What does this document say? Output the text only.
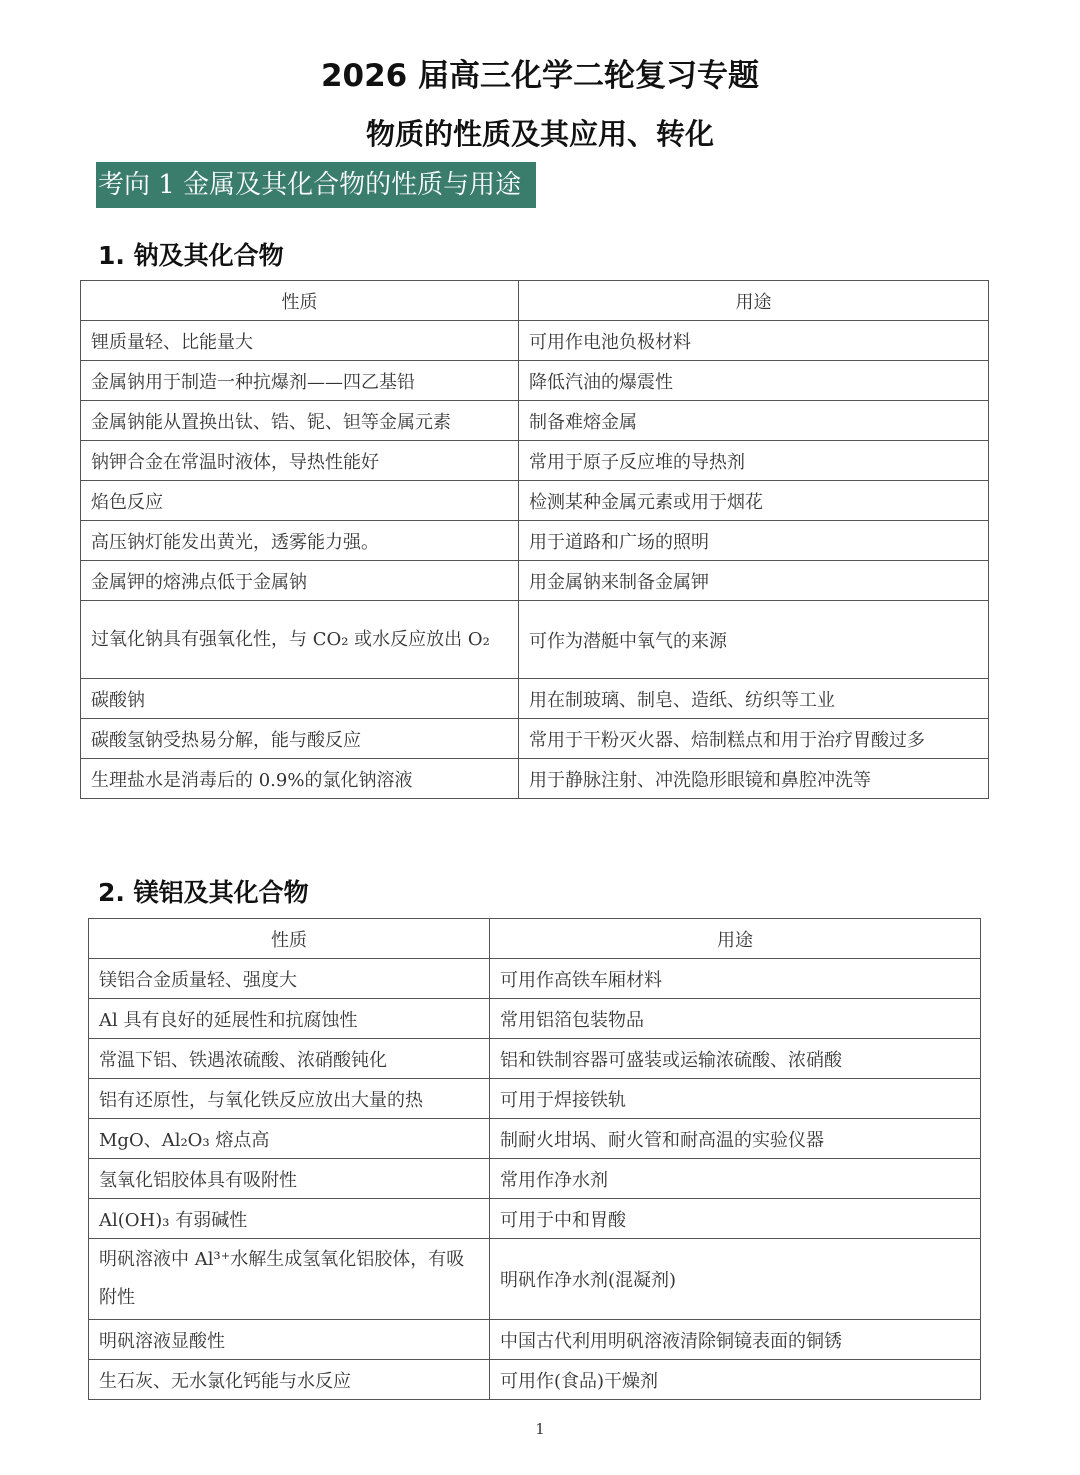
2026 届高三化学二轮复习专题
物质的性质及其应用、转化
考向 1 金属及其化合物的性质与用途
1. 钠及其化合物
性质	用途
锂质量轻、比能量大	可用作电池负极材料
金属钠用于制造一种抗爆剂——四乙基铅	降低汽油的爆震性
金属钠能从置换出钛、锆、铌、钽等金属元素	制备难熔金属
钠钾合金在常温时液体，导热性能好	常用于原子反应堆的导热剂
焰色反应	检测某种金属元素或用于烟花
高压钠灯能发出黄光，透雾能力强。	用于道路和广场的照明
金属钾的熔沸点低于金属钠	用金属钠来制备金属钾
过氧化钠具有强氧化性，与 CO₂ 或水反应放出 O₂	可作为潜艇中氧气的来源
碳酸钠	用在制玻璃、制皂、造纸、纺织等工业
碳酸氢钠受热易分解，能与酸反应	常用于干粉灭火器、焙制糕点和用于治疗胃酸过多
生理盐水是消毒后的 0.9%的氯化钠溶液	用于静脉注射、冲洗隐形眼镜和鼻腔冲洗等
2. 镁铝及其化合物
性质	用途
镁铝合金质量轻、强度大	可用作高铁车厢材料
Al 具有良好的延展性和抗腐蚀性	常用铝箔包装物品
常温下铝、铁遇浓硫酸、浓硝酸钝化	铝和铁制容器可盛装或运输浓硫酸、浓硝酸
铝有还原性，与氧化铁反应放出大量的热	可用于焊接铁轨
MgO、Al₂O₃ 熔点高	制耐火坩埚、耐火管和耐高温的实验仪器
氢氧化铝胶体具有吸附性	常用作净水剂
Al(OH)₃ 有弱碱性	可用于中和胃酸
明矾溶液中 Al³⁺水解生成氢氧化铝胶体，有吸附性	明矾作净水剂(混凝剂)
明矾溶液显酸性	中国古代利用明矾溶液清除铜镜表面的铜锈
生石灰、无水氯化钙能与水反应	可用作(食品)干燥剂
1
